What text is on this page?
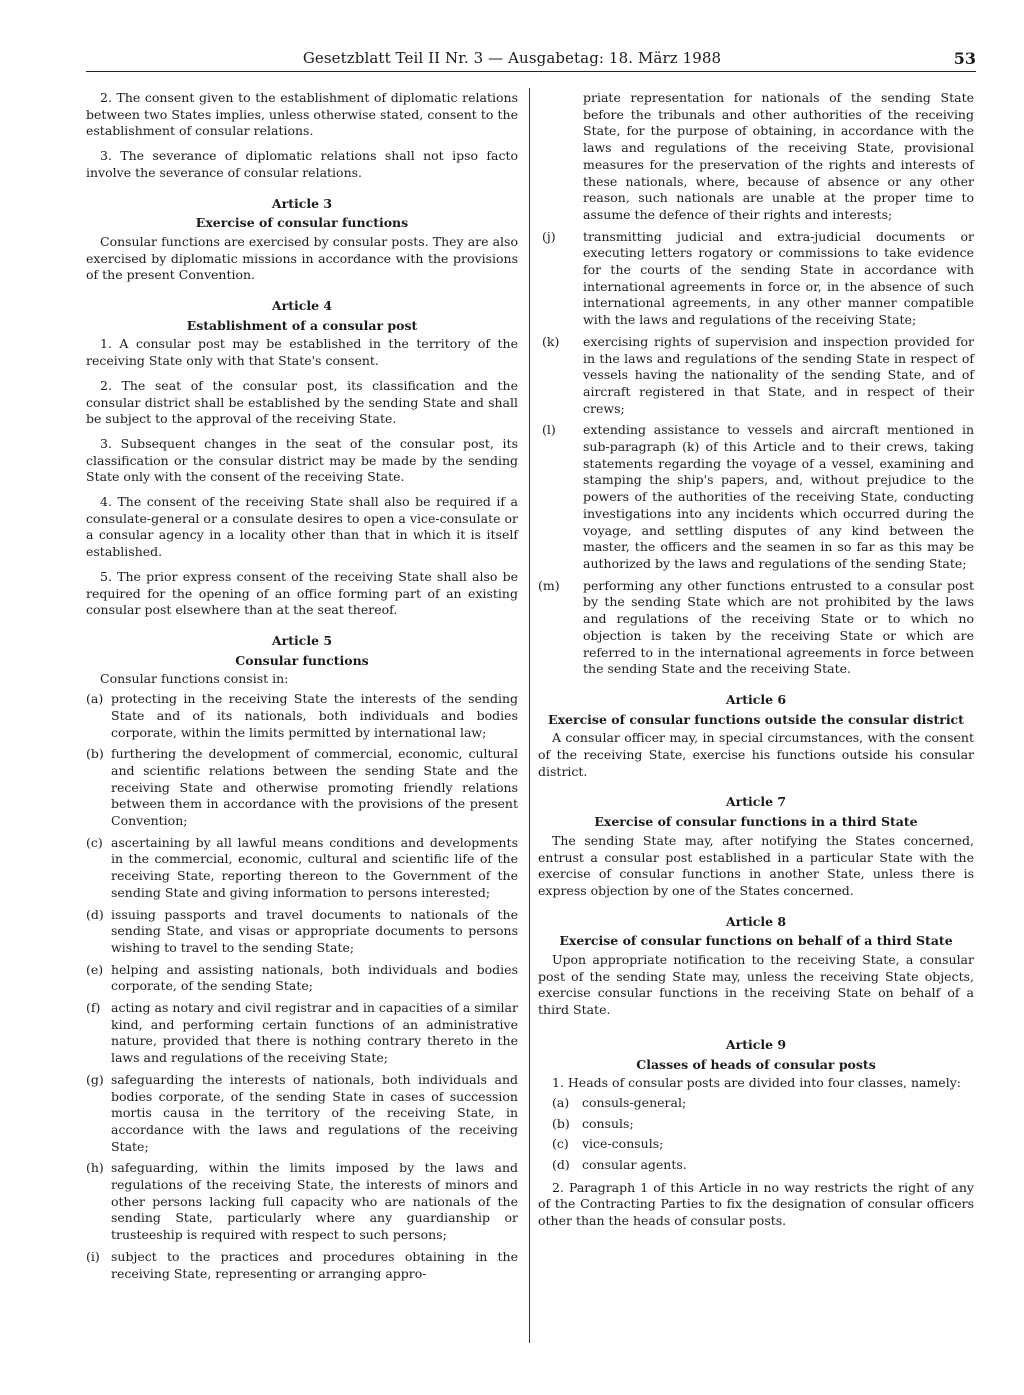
Gesetzblatt Teil II Nr. 3 — Ausgabetag: 18. März 1988	53

2. The consent given to the establishment of diplomatic relations between two States implies, unless otherwise stated, consent to the establishment of consular relations.

3. The severance of diplomatic relations shall not ipso facto involve the severance of consular relations.

Article 3
Exercise of consular functions

Consular functions are exercised by consular posts. They are also exercised by diplomatic missions in accordance with the provisions of the present Convention.

Article 4
Establishment of a consular post

1. A consular post may be established in the territory of the receiving State only with that State's consent.

2. The seat of the consular post, its classification and the consular district shall be established by the sending State and shall be subject to the approval of the receiving State.

3. Subsequent changes in the seat of the consular post, its classification or the consular district may be made by the sending State only with the consent of the receiving State.

4. The consent of the receiving State shall also be required if a consulate-general or a consulate desires to open a vice-consulate or a consular agency in a locality other than that in which it is itself established.

5. The prior express consent of the receiving State shall also be required for the opening of an office forming part of an existing consular post elsewhere than at the seat thereof.

Article 5
Consular functions

Consular functions consist in:

(a) protecting in the receiving State the interests of the sending State and of its nationals, both individuals and bodies corporate, within the limits permitted by international law;
(b) furthering the development of commercial, economic, cultural and scientific relations between the sending State and the receiving State and otherwise promoting friendly relations between them in accordance with the provisions of the present Convention;
(c) ascertaining by all lawful means conditions and developments in the commercial, economic, cultural and scientific life of the receiving State, reporting thereon to the Government of the sending State and giving information to persons interested;
(d) issuing passports and travel documents to nationals of the sending State, and visas or appropriate documents to persons wishing to travel to the sending State;
(e) helping and assisting nationals, both individuals and bodies corporate, of the sending State;
(f) acting as notary and civil registrar and in capacities of a similar kind, and performing certain functions of an administrative nature, provided that there is nothing contrary thereto in the laws and regulations of the receiving State;
(g) safeguarding the interests of nationals, both individuals and bodies corporate, of the sending State in cases of succession mortis causa in the territory of the receiving State, in accordance with the laws and regulations of the receiving State;
(h) safeguarding, within the limits imposed by the laws and regulations of the receiving State, the interests of minors and other persons lacking full capacity who are nationals of the sending State, particularly where any guardianship or trusteeship is required with respect to such persons;
(i) subject to the practices and procedures obtaining in the receiving State, representing or arranging appro-

priate representation for nationals of the sending State before the tribunals and other authorities of the receiving State, for the purpose of obtaining, in accordance with the laws and regulations of the receiving State, provisional measures for the preservation of the rights and interests of these nationals, where, because of absence or any other reason, such nationals are unable at the proper time to assume the defence of their rights and interests;

(j)	transmitting judicial and extra-judicial documents or executing letters rogatory or commissions to take evidence for the courts of the sending State in accordance with international agreements in force or, in the absence of such international agreements, in any other manner compatible with the laws and regulations of the receiving State;
(k)	exercising rights of supervision and inspection provided for in the laws and regulations of the sending State in respect of vessels having the nationality of the sending State, and of aircraft registered in that State, and in respect of their crews;
(l)	extending assistance to vessels and aircraft mentioned in sub-paragraph (k) of this Article and to their crews, taking statements regarding the voyage of a vessel, examining and stamping the ship's papers, and, without prejudice to the powers of the authorities of the receiving State, conducting investigations into any incidents which occurred during the voyage, and settling disputes of any kind between the master, the officers and the seamen in so far as this may be authorized by the laws and regulations of the sending State;
(m)	performing any other functions entrusted to a consular post by the sending State which are not prohibited by the laws and regulations of the receiving State or to which no objection is taken by the receiving State or which are referred to in the international agreements in force between the sending State and the receiving State.
Article 6
Exercise of consular functions outside the consular district

A consular officer may, in special circumstances, with the consent of the receiving State, exercise his functions outside his consular district.

Article 7
Exercise of consular functions in a third State

The sending State may, after notifying the States concerned, entrust a consular post established in a particular State with the exercise of consular functions in another State, unless there is express objection by one of the States concerned.

Article 8
Exercise of consular functions on behalf of a third State

Upon appropriate notification to the receiving State, a consular post of the sending State may, unless the receiving State objects, exercise consular functions in the receiving State on behalf of a third State.

Article 9
Classes of heads of consular posts

1. Heads of consular posts are divided into four classes, namely:

(a)	consuls-general;
(b) consuls;
(c)	vice-consuls;
(d) consular agents.

2. Paragraph 1 of this Article in no way restricts the right of any of the Contracting Parties to fix the designation of consular officers other than the heads of consular posts.
